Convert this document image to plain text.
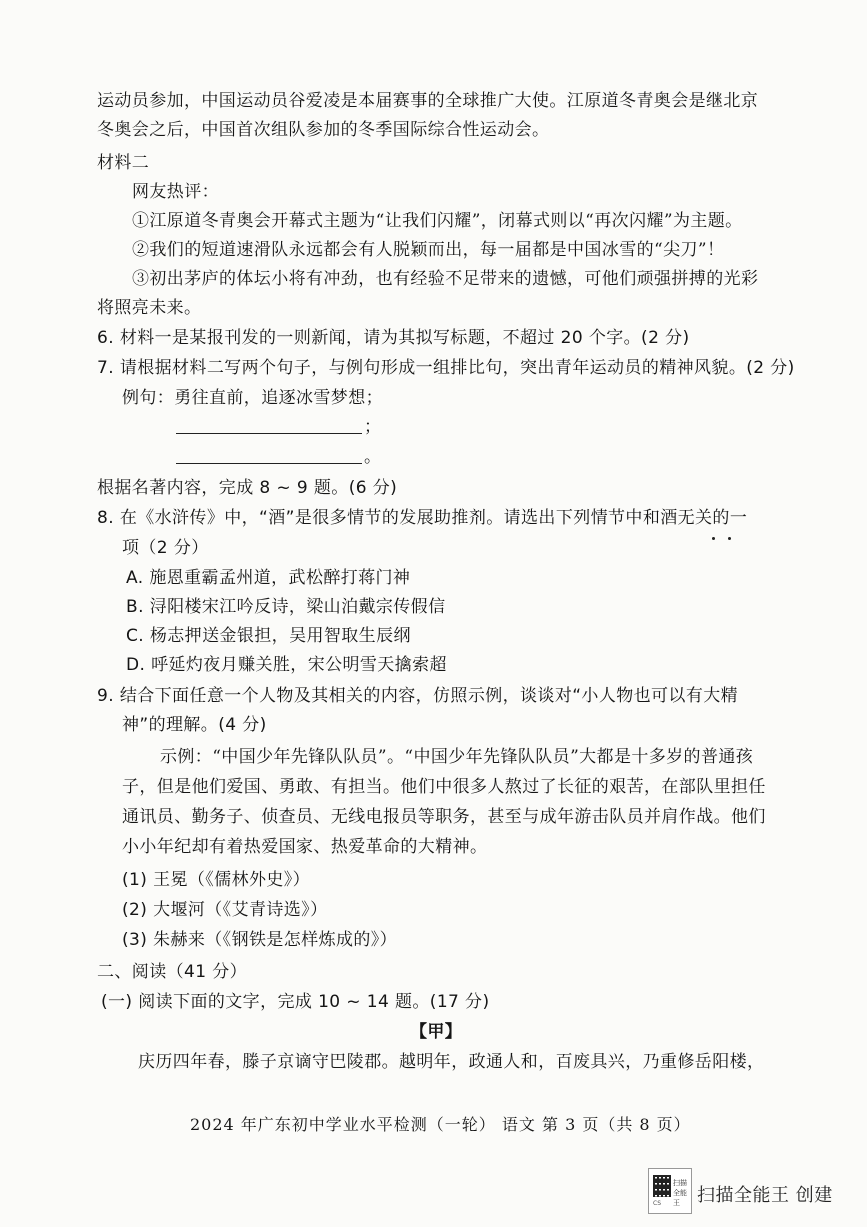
运动员参加，中国运动员谷爱凌是本届赛事的全球推广大使。江原道冬青奥会是继北京
冬奥会之后，中国首次组队参加的冬季国际综合性运动会。
材料二
网友热评：
①江原道冬青奥会开幕式主题为“让我们闪耀”，闭幕式则以“再次闪耀”为主题。
②我们的短道速滑队永远都会有人脱颖而出，每一届都是中国冰雪的“尖刀”！
③初出茅庐的体坛小将有冲劲，也有经验不足带来的遗憾，可他们顽强拼搏的光彩
将照亮未来。
6. 材料一是某报刊发的一则新闻，请为其拟写标题，不超过 20 个字。(2 分)
7. 请根据材料二写两个句子，与例句形成一组排比句，突出青年运动员的精神风貌。(2 分)
例句：勇往直前，追逐冰雪梦想；
；
。
根据名著内容，完成 8 ~ 9 题。(6 分)
8. 在《水浒传》中，“酒”是很多情节的发展助推剂。请选出下列情节中和酒无关的一
项（2 分）
A. 施恩重霸孟州道，武松醉打蒋门神
B. 浔阳楼宋江吟反诗，梁山泊戴宗传假信
C. 杨志押送金银担，吴用智取生辰纲
D. 呼延灼夜月赚关胜，宋公明雪天擒索超
9. 结合下面任意一个人物及其相关的内容，仿照示例，谈谈对“小人物也可以有大精
神”的理解。(4 分)
示例：“中国少年先锋队队员”。“中国少年先锋队队员”大都是十多岁的普通孩
子，但是他们爱国、勇敢、有担当。他们中很多人熬过了长征的艰苦，在部队里担任
通讯员、勤务子、侦查员、无线电报员等职务，甚至与成年游击队员并肩作战。他们
小小年纪却有着热爱国家、热爱革命的大精神。
(1) 王冕（《儒林外史》）
(2) 大堰河（《艾青诗选》）
(3) 朱赫来（《钢铁是怎样炼成的》）
二、阅读（41 分）
(一) 阅读下面的文字，完成 10 ~ 14 题。(17 分)
【甲】
庆历四年春，滕子京谪守巴陵郡。越明年，政通人和，百废具兴，乃重修岳阳楼，
2024 年广东初中学业水平检测（一轮） 语文 第 3 页（共 8 页）
扫描全能王
CS 扫描全能王 创建
